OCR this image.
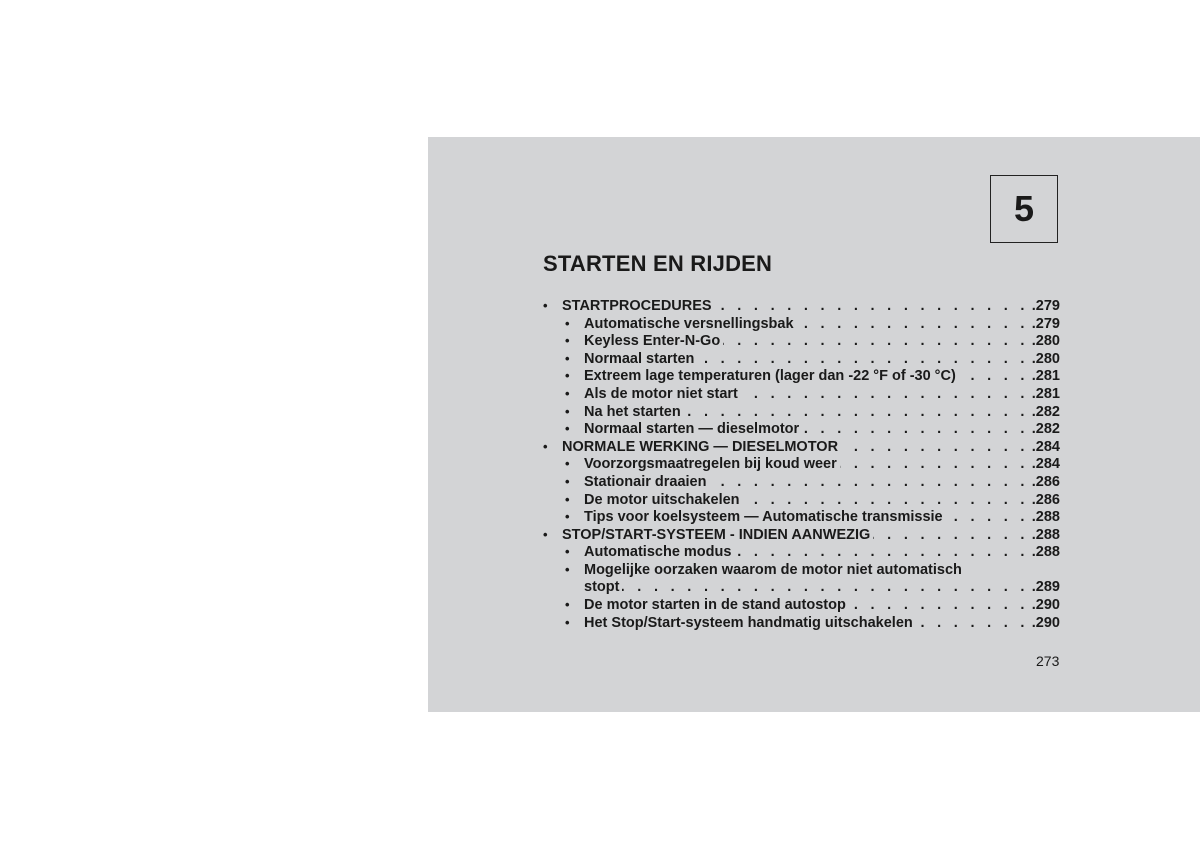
5
STARTEN EN RIJDEN
• STARTPROCEDURES . . .	.279
• Automatische versnellingsbak . . .	.279
• Keyless Enter-N-Go . . .	.280
• Normaal starten . . .	.280
• Extreem lage temperaturen (lager dan -22 °F of -30 °C) . . .	.281
• Als de motor niet start . . .	.281
• Na het starten . . .	.282
• Normaal starten — dieselmotor . . .	.282
• NORMALE WERKING — DIESELMOTOR . . .	.284
• Voorzorgsmaatregelen bij koud weer . . .	.284
• Stationair draaien . . .	.286
• De motor uitschakelen . . .	.286
• Tips voor koelsysteem — Automatische transmissie . . .	.288
• STOP/START-SYSTEEM - INDIEN AANWEZIG . . .	.288
• Automatische modus . . .	.288
• Mogelijke oorzaken waarom de motor niet automatisch
stopt . . .	.289
• De motor starten in de stand autostop . . .	.290
• Het Stop/Start-systeem handmatig uitschakelen . . .	.290

273
